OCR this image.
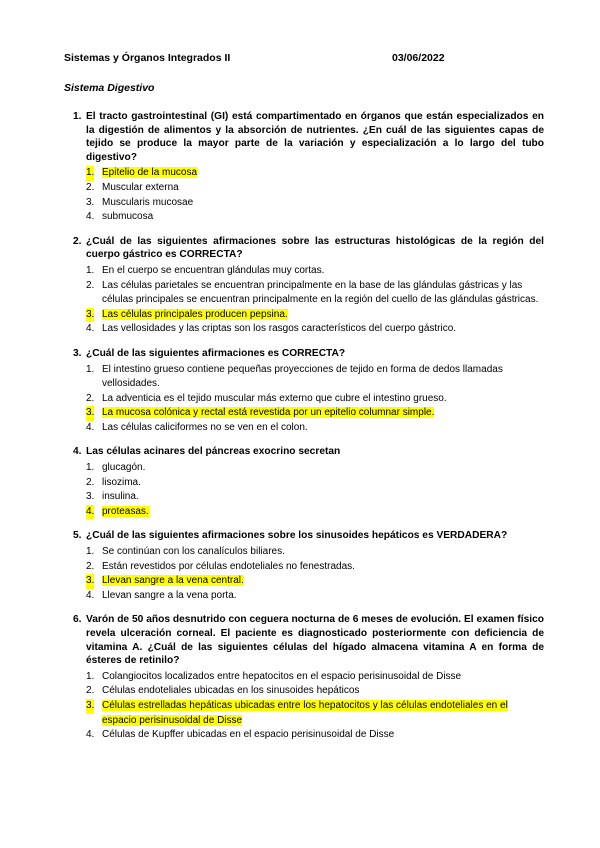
Sistemas y Órganos Integrados II	03/06/2022
Sistema Digestivo
1. El tracto gastrointestinal (GI) está compartimentado en órganos que están especializados en la digestión de alimentos y la absorción de nutrientes. ¿En cuál de las siguientes capas de tejido se produce la mayor parte de la variación y especialización a lo largo del tubo digestivo?
1. Epitelio de la mucosa
2. Muscular externa
3. Muscularis mucosae
4. submucosa
2. ¿Cuál de las siguientes afirmaciones sobre las estructuras histológicas de la región del cuerpo gástrico es CORRECTA?
1. En el cuerpo se encuentran glándulas muy cortas.
2. Las células parietales se encuentran principalmente en la base de las glándulas gástricas y las células principales se encuentran principalmente en la región del cuello de las glándulas gástricas.
3. Las células principales producen pepsina.
4. Las vellosidades y las criptas son los rasgos característicos del cuerpo gástrico.
3. ¿Cuál de las siguientes afirmaciones es CORRECTA?
1. El intestino grueso contiene pequeñas proyecciones de tejido en forma de dedos llamadas vellosidades.
2. La adventicia es el tejido muscular más externo que cubre el intestino grueso.
3. La mucosa colónica y rectal está revestida por un epitelio columnar simple.
4. Las células caliciformes no se ven en el colon.
4. Las células acinares del páncreas exocrino secretan
1. glucagón.
2. lisozima.
3. insulina.
4. proteasas.
5. ¿Cuál de las siguientes afirmaciones sobre los sinusoides hepáticos es VERDADERA?
1. Se continúan con los canalículos biliares.
2. Están revestidos por células endoteliales no fenestradas.
3. Llevan sangre a la vena central.
4. Llevan sangre a la vena porta.
6. Varón de 50 años desnutrido con ceguera nocturna de 6 meses de evolución. El examen físico revela ulceración corneal. El paciente es diagnosticado posteriormente con deficiencia de vitamina A. ¿Cuál de las siguientes células del hígado almacena vitamina A en forma de ésteres de retinilo?
1. Colangiocitos localizados entre hepatocitos en el espacio perisinusoidal de Disse
2. Células endoteliales ubicadas en los sinusoides hepáticos
3. Células estrelladas hepáticas ubicadas entre los hepatocitos y las células endoteliales en el espacio perisinusoidal de Disse
4. Células de Kupffer ubicadas en el espacio perisinusoidal de Disse
